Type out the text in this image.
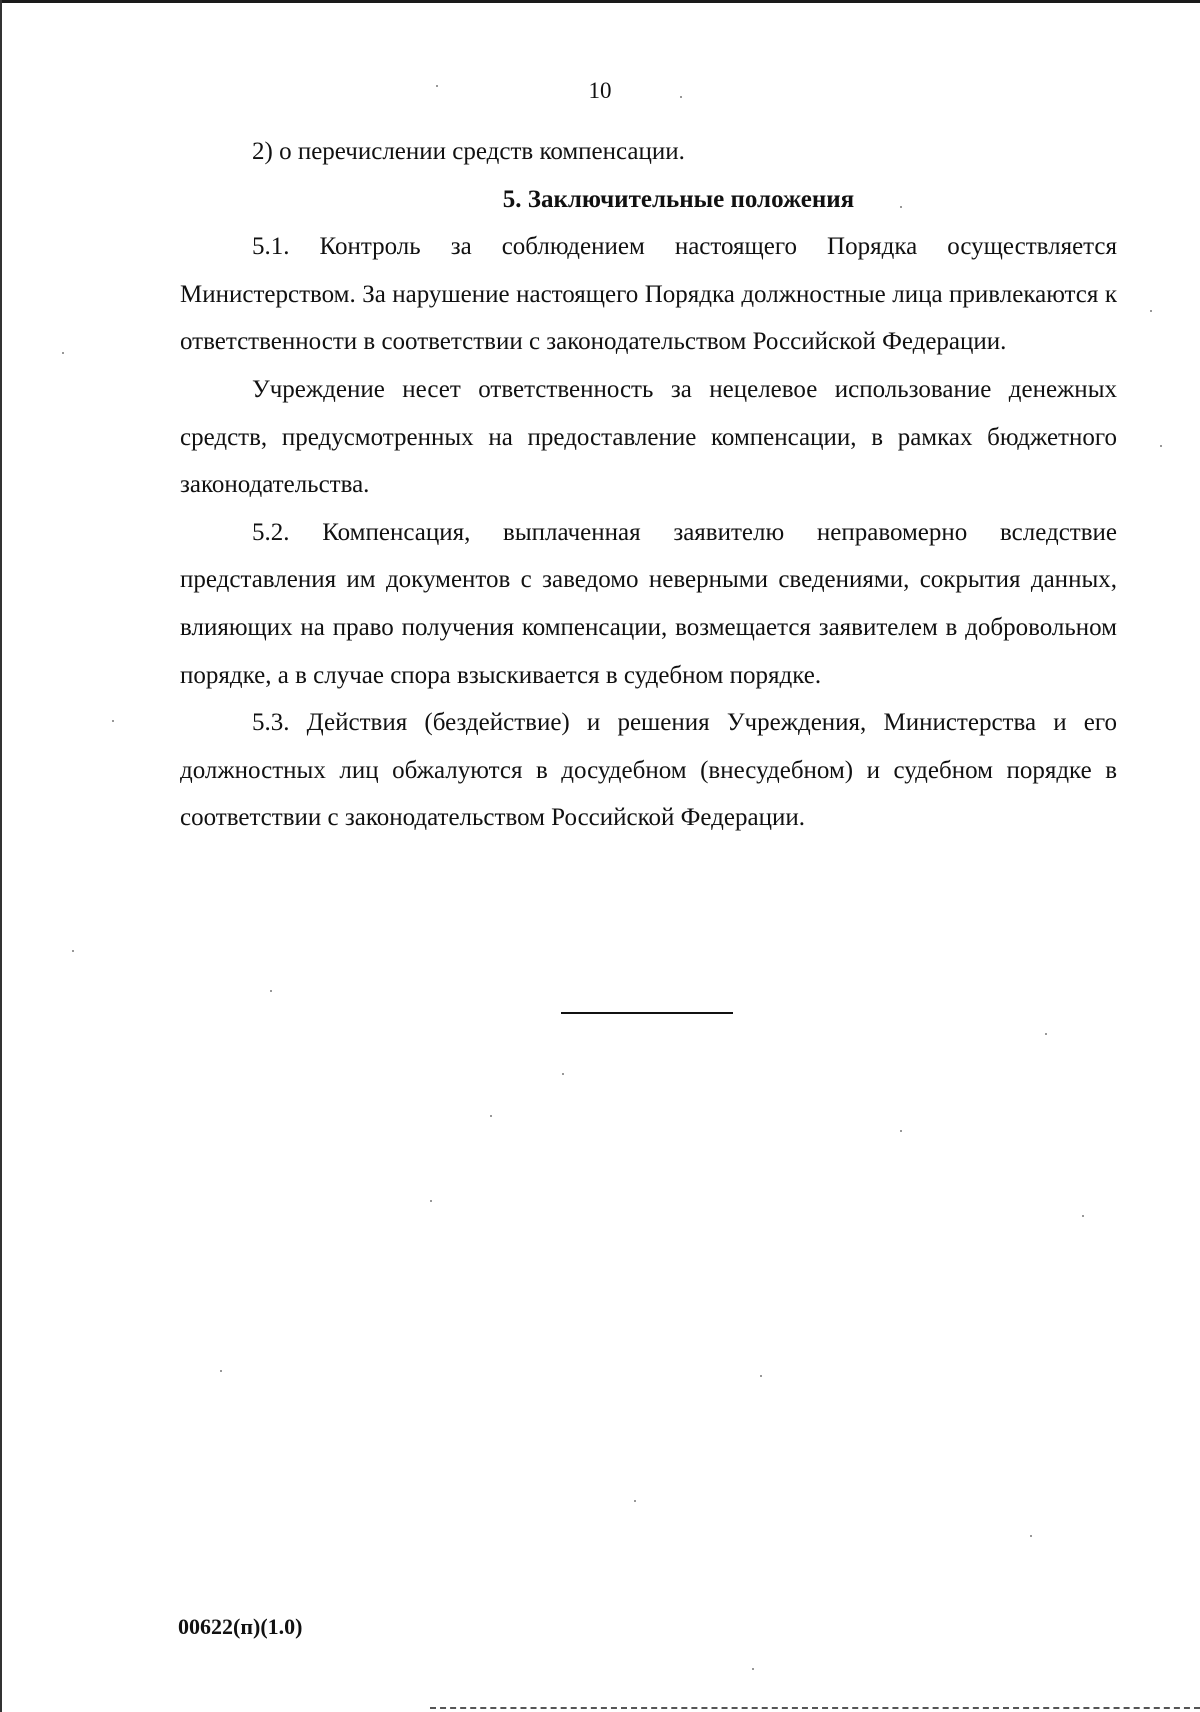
10

2) о перечислении средств компенсации.

5. Заключительные положения

5.1. Контроль за соблюдением настоящего Порядка осуществляется Министерством. За нарушение настоящего Порядка должностные лица привлекаются к ответственности в соответствии с законодательством Российской Федерации.

Учреждение несет ответственность за нецелевое использование денежных средств, предусмотренных на предоставление компенсации, в рамках бюджетного законодательства.

5.2. Компенсация, выплаченная заявителю неправомерно вследствие представления им документов с заведомо неверными сведениями, сокрытия данных, влияющих на право получения компенсации, возмещается заявителем в добровольном порядке, а в случае спора взыскивается в судебном порядке.

5.3. Действия (бездействие) и решения Учреждения, Министерства и его должностных лиц обжалуются в досудебном (внесудебном) и судебном порядке в соответствии с законодательством Российской Федерации.

00622(п)(1.0)
